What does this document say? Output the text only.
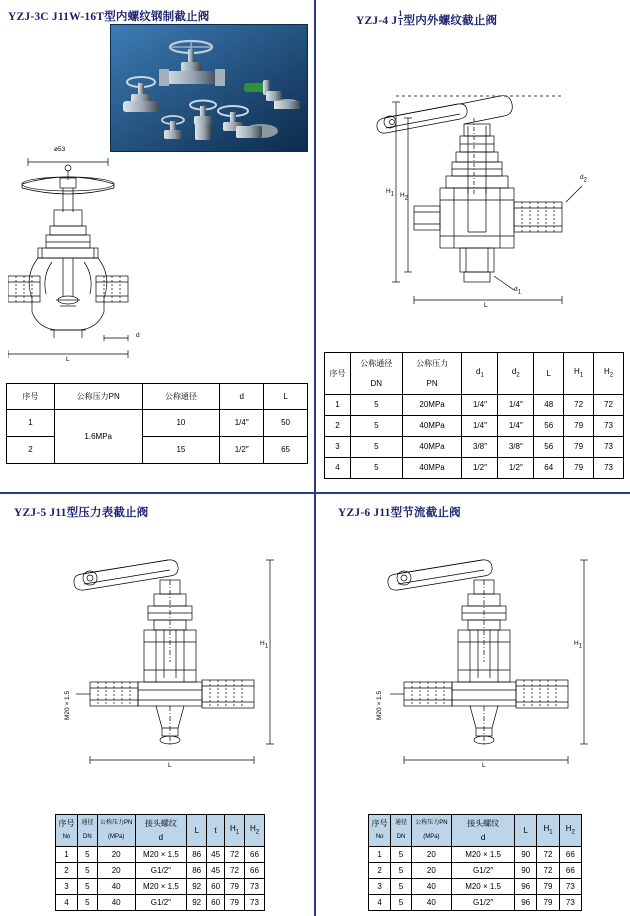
YZJ-3C J11W-16T型内螺纹钢制截止阀
ø53
d
L
序号	公称压力PN	公称通径	d	L
1	1.6MPa	10	1/4″	50
2		15	1/2″	65
YZJ-4 J $\frac{1}{1}$ 型内外螺纹截止阀
H1 H2
d2
d1
L
序号	公称通径	公称压力	$d_1$	$d_2$	L	$H_1$	$H_2$
	DN	PN					
1	5	20MPa	1/4″	1/4″	48	72	72
2	5	40MPa	1/4″	1/4″	56	79	73
3	5	40MPa	3/8″	3/8″	56	79	73
4	5	40MPa	1/2″	1/2″	64	79	73
YZJ-5 J11型压力表截止阀
H1
M20 × 1.5
L
序号	通径	公称压力PN	接头螺纹	L	t	$H_1$	$H_2$
No	DN	(MPa)	d				
1	5	20	M20 × 1.5	86	45	72	66
2	5	20	G1/2″	86	45	72	66
3	5	40	M20 × 1.5	92	60	79	73
4	5	40	G1/2″	92	60	79	73
YZJ-6 J11型节流截止阀
H1
M20 × 1.5
L
序号	通径	公称压力PN	接头螺纹	L	$H_1$	$H_2$
No	DN	(MPa)	d			
1	5	20	M20 × 1.5	90	72	66
2	5	20	G1/2″	90	72	66
3	5	40	M20 × 1.5	96	79	73
4	5	40	G1/2″	96	79	73
